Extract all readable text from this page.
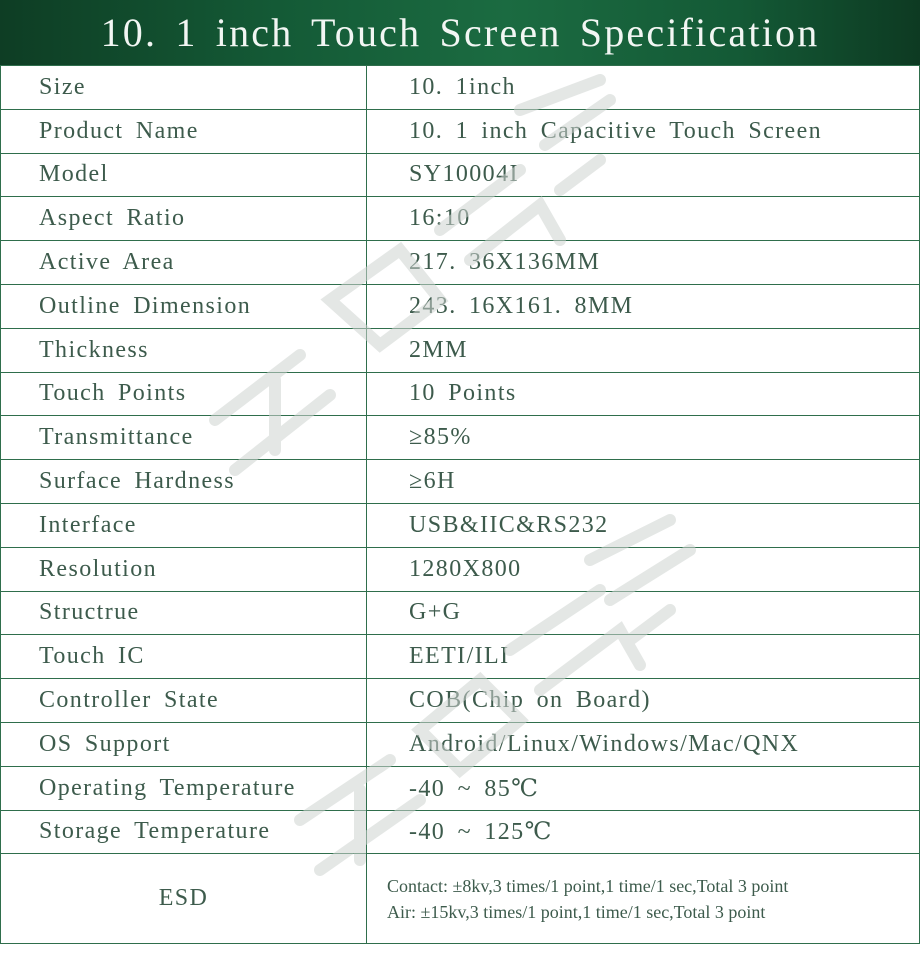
10. 1 inch Touch Screen Specification
Size	10. 1inch
Product Name	10. 1 inch Capacitive Touch Screen
Model	SY10004I
Aspect Ratio	16:10
Active Area	217. 36X136MM
Outline Dimension	243. 16X161. 8MM
Thickness	2MM
Touch Points	10 Points
Transmittance	≥85%
Surface Hardness	≥6H
Interface	USB&IIC&RS232
Resolution	1280X800
Structrue	G+G
Touch IC	EETI/ILI
Controller State	COB(Chip on Board)
OS Support	Android/Linux/Windows/Mac/QNX
Operating Temperature	-40 ~ 85℃
Storage Temperature	-40 ~ 125℃
ESD	Contact: ±8kv,3 times/1 point,1 time/1 sec,Total 3 point
Air: ±15kv,3 times/1 point,1 time/1 sec,Total 3 point
